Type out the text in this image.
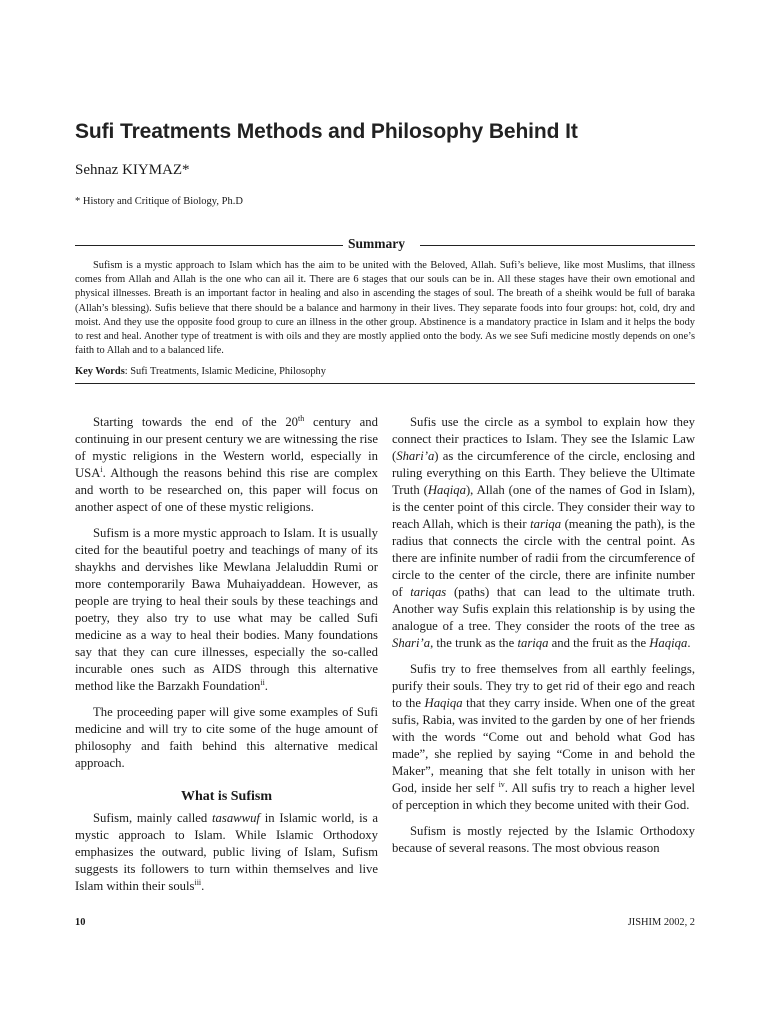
Sufi Treatments Methods and Philosophy Behind It
Sehnaz KIYMAZ*
* History and Critique of Biology, Ph.D
Summary

Sufism is a mystic approach to Islam which has the aim to be united with the Beloved, Allah. Sufi’s believe, like most Muslims, that illness comes from Allah and Allah is the one who can ail it. There are 6 stages that our souls can be in. All these stages have their own emotional and physical illnesses. Breath is an important factor in healing and also in ascending the stages of soul. The breath of a sheihk would be full of baraka (Allah’s blessing). Sufis believe that there should be a balance and harmony in their lives. They separate foods into four groups: hot, cold, dry and moist. And they use the opposite food group to cure an illness in the other group. Abstinence is a mandatory practice in Islam and it helps the body to rest and heal. Another type of treatment is with oils and they are mostly applied onto the body. As we see Sufi medicine mostly depends on one’s faith to Allah and to a balanced life.

Key Words: Sufi Treatments, Islamic Medicine, Philosophy

Starting towards the end of the 20th century and continuing in our present century we are witnessing the rise of mystic religions in the Western world, especially in USA$^i$. Although the reasons behind this rise are complex and worth to be researched on, this paper will focus on another aspect of one of these mystic religions.

Sufism is a more mystic approach to Islam. It is usually cited for the beautiful poetry and teachings of many of its shaykhs and dervishes like Mewlana Jelaluddin Rumi or more contemporarily Bawa Muhaiyaddean. However, as people are trying to heal their souls by these teachings and poetry, they also try to use what may be called Sufi medicine as a way to heal their bodies. Many foundations say that they can cure illnesses, especially the so-called incurable ones such as AIDS through this alternative method like the Barzakh Foundation$^{ii}$.

The proceeding paper will give some examples of Sufi medicine and will try to cite some of the huge amount of philosophy and faith behind this alternative medical approach.

What is Sufism

Sufism, mainly called tasawwuf in Islamic world, is a mystic approach to Islam. While Islamic Orthodoxy emphasizes the outward, public living of Islam, Sufism suggests its followers to turn within themselves and live Islam within their souls$^{iii}$.

Sufis use the circle as a symbol to explain how they connect their practices to Islam. They see the Islamic Law (Shari’a) as the circumference of the circle, enclosing and ruling everything on this Earth. They believe the Ultimate Truth (Haqiqa), Allah (one of the names of God in Islam), is the center point of this circle. They consider their way to reach Allah, which is their tariqa (meaning the path), is the radius that connects the circle with the central point. As there are infinite number of radii from the circumference of circle to the center of the circle, there are infinite number of tariqas (paths) that can lead to the ultimate truth. Another way Sufis explain this relationship is by using the analogue of a tree. They consider the roots of the tree as Shari’a, the trunk as the tariqa and the fruit as the Haqiqa.

Sufis try to free themselves from all earthly feelings, purify their souls. They try to get rid of their ego and reach to the Haqiqa that they carry inside. When one of the great sufis, Rabia, was invited to the garden by one of her friends with the words “Come out and behold what God has made”, she replied by saying “Come in and behold the Maker”, meaning that she felt totally in unison with her God, inside her self $^{iv}$. All sufis try to reach a higher level of perception in which they become united with their God.

Sufism is mostly rejected by the Islamic Orthodoxy because of several reasons. The most obvious reason

10	JISHIM 2002, 2
